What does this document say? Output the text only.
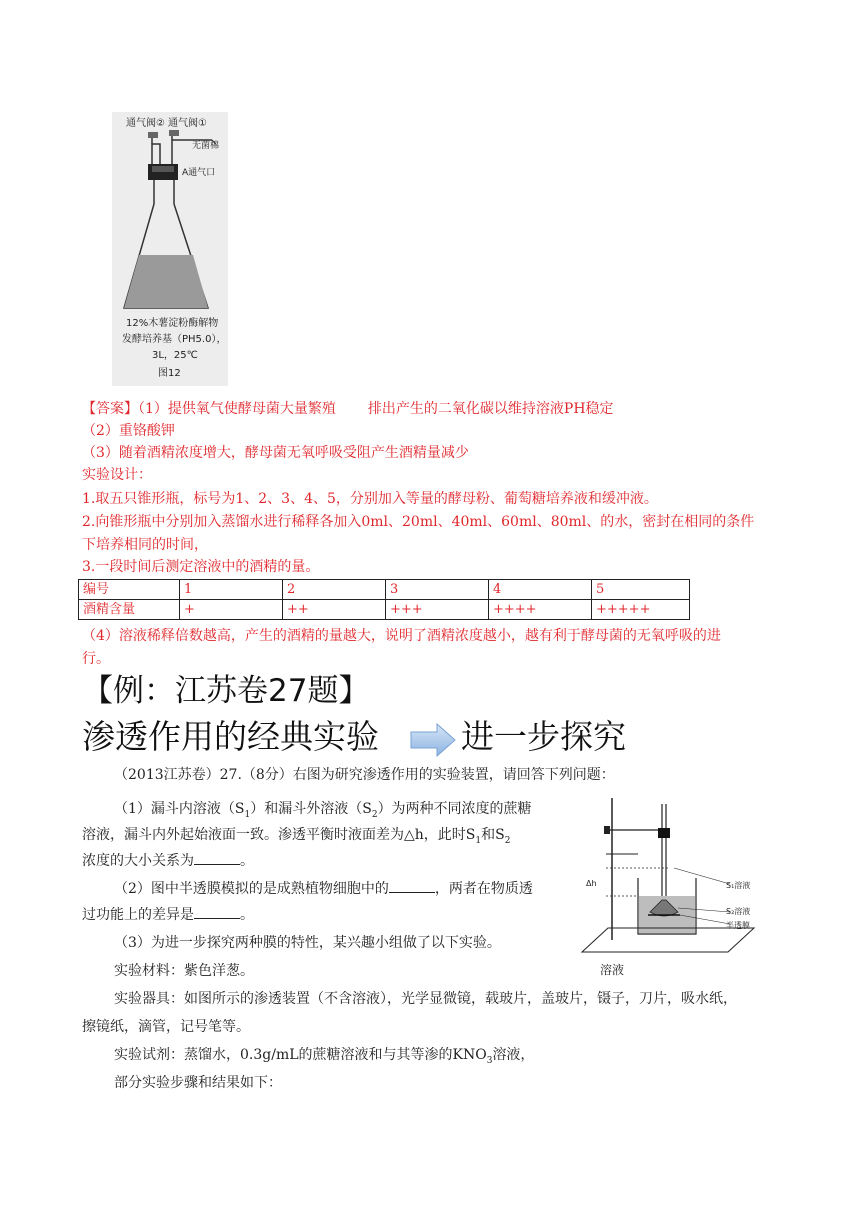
通气阀② 通气阀①
无菌棉
A通气口
12%木薯淀粉酶解物
发酵培养基（PH5.0），
3L，25℃
图12
【答案】（1）提供氧气使酵母菌大量繁殖 排出产生的二氧化碳以维持溶液PH稳定
（2）重铬酸钾
（3）随着酒精浓度增大，酵母菌无氧呼吸受阻产生酒精量减少
实验设计：
1.取五只锥形瓶，标号为1、2、3、4、5，分别加入等量的酵母粉、葡萄糖培养液和缓冲液。
2.向锥形瓶中分别加入蒸馏水进行稀释各加入0ml、20ml、40ml、60ml、80ml、的水，密封在相同的条件
下培养相同的时间，
3.一段时间后测定溶液中的酒精的量。
编号	1	2	3	4	5
酒精含量	+	++	+++	++++	+++++
（4）溶液稀释倍数越高，产生的酒精的量越大，说明了酒精浓度越小，越有利于酵母菌的无氧呼吸的进
行。
【例：江苏卷27题】
渗透作用的经典实验 进一步探究
（2013江苏卷）27.（8分）右图为研究渗透作用的实验装置，请回答下列问题：
（1）漏斗内溶液$(S_1)$和漏斗外溶液$(S_2)$为两种不同浓度的蔗糖
溶液，漏斗内外起始液面一致。渗透平衡时液面差为△h，此时$S_1$和$S_2$
浓度的大小关系为	。
（2）图中半透膜模拟的是成熟植物细胞中的	，两者在物质透
过功能上的差异是	。
（3）为进一步探究两种膜的特性，某兴趣小组做了以下实验。
实验材料：紫色洋葱。
实验器具：如图所示的渗透装置（不含溶液），光学显微镜，载玻片，盖玻片，镊子，刀片，吸水纸，
擦镜纸，滴管，记号笔等。
实验试剂：蒸馏水，0.3g/mL的蔗糖溶液和与其等渗的$KNO_3$溶液，
部分实验步骤和结果如下：
Δh	S₁溶液
S₂溶液
半透膜
溶液
